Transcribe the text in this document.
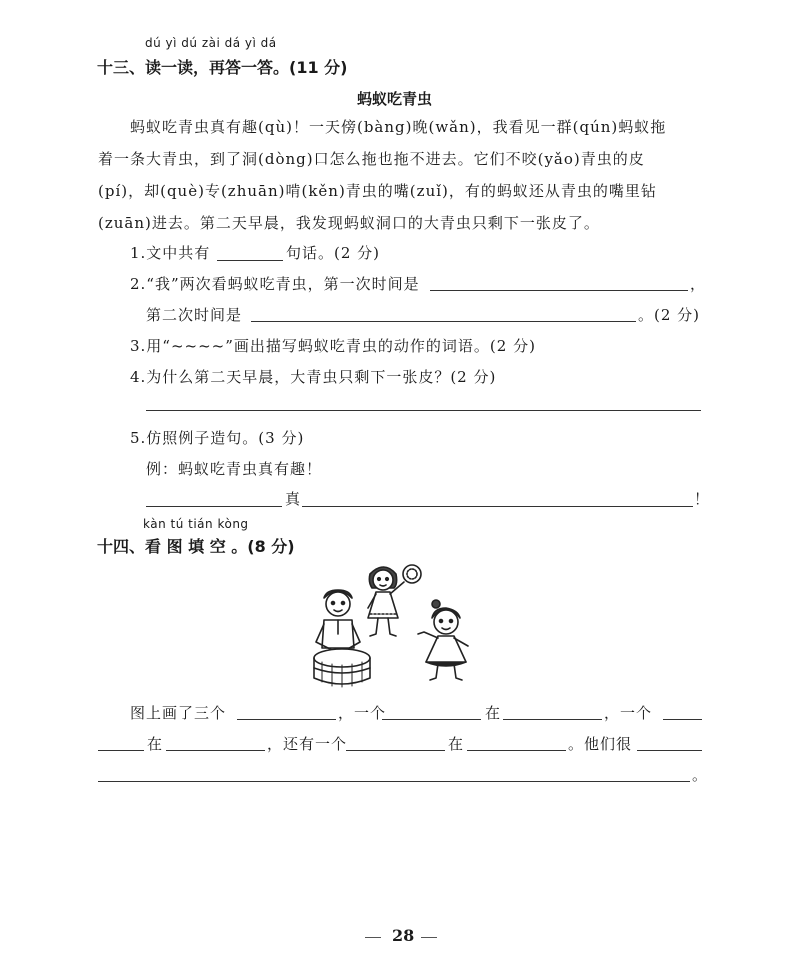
dú yì dú zài dá yì dá
十三、读一读，再答一答。(11 分)
蚂蚁吃青虫
蚂蚁吃青虫真有趣(qù)！一天傍(bàng)晚(wǎn)，我看见一群(qún)蚂蚁拖
着一条大青虫，到了洞(dòng)口怎么拖也拖不进去。它们不咬(yǎo)青虫的皮
(pí)，却(què)专(zhuān)啃(kěn)青虫的嘴(zuǐ)，有的蚂蚁还从青虫的嘴里钻
(zuān)进去。第二天早晨，我发现蚂蚁洞口的大青虫只剩下一张皮了。
1.文中共有	句话。(2 分)
2.“我”两次看蚂蚁吃青虫，第一次时间是	，
第二次时间是	。(2 分)
3.用“~~~~”画出描写蚂蚁吃青虫的动作的词语。(2 分)
4.为什么第二天早晨，大青虫只剩下一张皮？(2 分)
5.仿照例子造句。(3 分)
例：蚂蚁吃青虫真有趣！
真	！
kàn tú tián kòng
十四、看 图 填 空 。(8 分)
图上画了三个	，一个	在	，一个
在	，还有一个	在	。他们很
。
28
